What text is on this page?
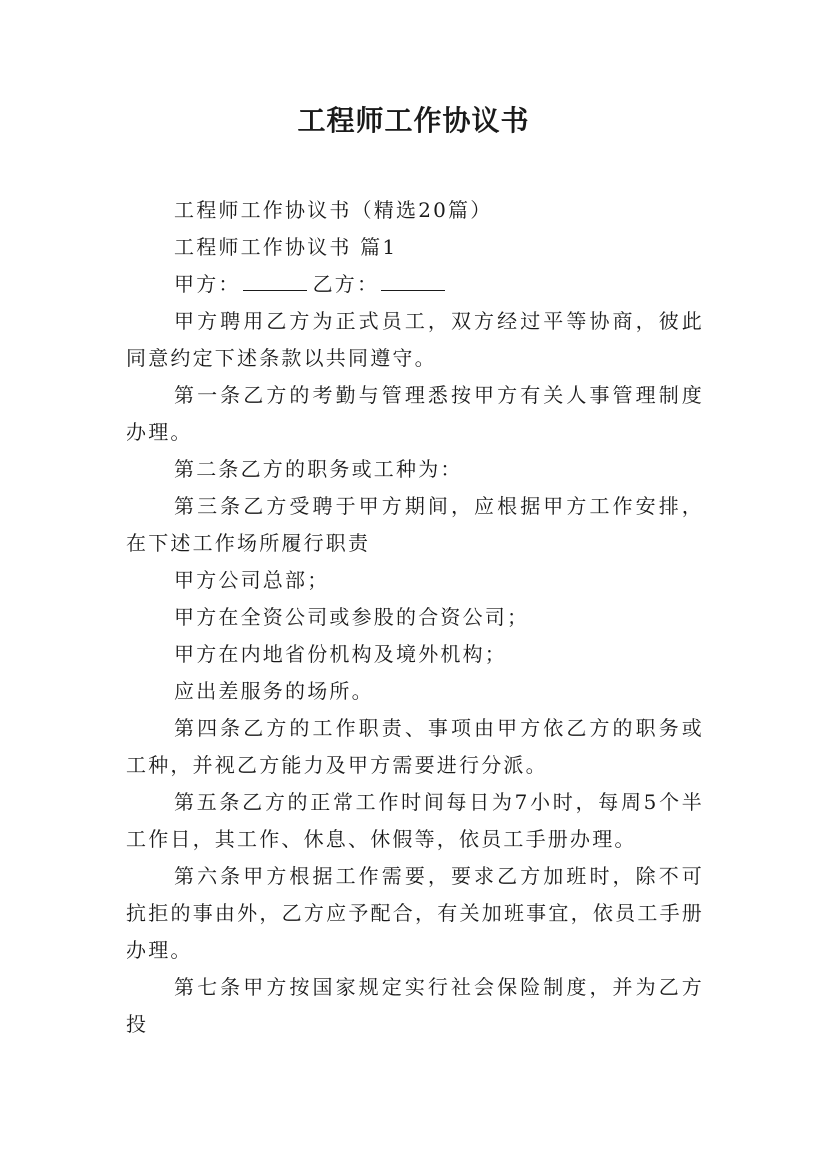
工程师工作协议书

工程师工作协议书（精选20篇）

工程师工作协议书 篇1

甲方：	乙方：

甲方聘用乙方为正式员工，双方经过平等协商，彼此同意约定下述条款以共同遵守。

第一条乙方的考勤与管理悉按甲方有关人事管理制度办理。

第二条乙方的职务或工种为：

第三条乙方受聘于甲方期间，应根据甲方工作安排，在下述工作场所履行职责

甲方公司总部；

甲方在全资公司或参股的合资公司；

甲方在内地省份机构及境外机构；

应出差服务的场所。

第四条乙方的工作职责、事项由甲方依乙方的职务或工种，并视乙方能力及甲方需要进行分派。

第五条乙方的正常工作时间每日为7小时，每周5个半工作日，其工作、休息、休假等，依员工手册办理。

第六条甲方根据工作需要，要求乙方加班时，除不可抗拒的事由外，乙方应予配合，有关加班事宜，依员工手册办理。

第七条甲方按国家规定实行社会保险制度，并为乙方投
